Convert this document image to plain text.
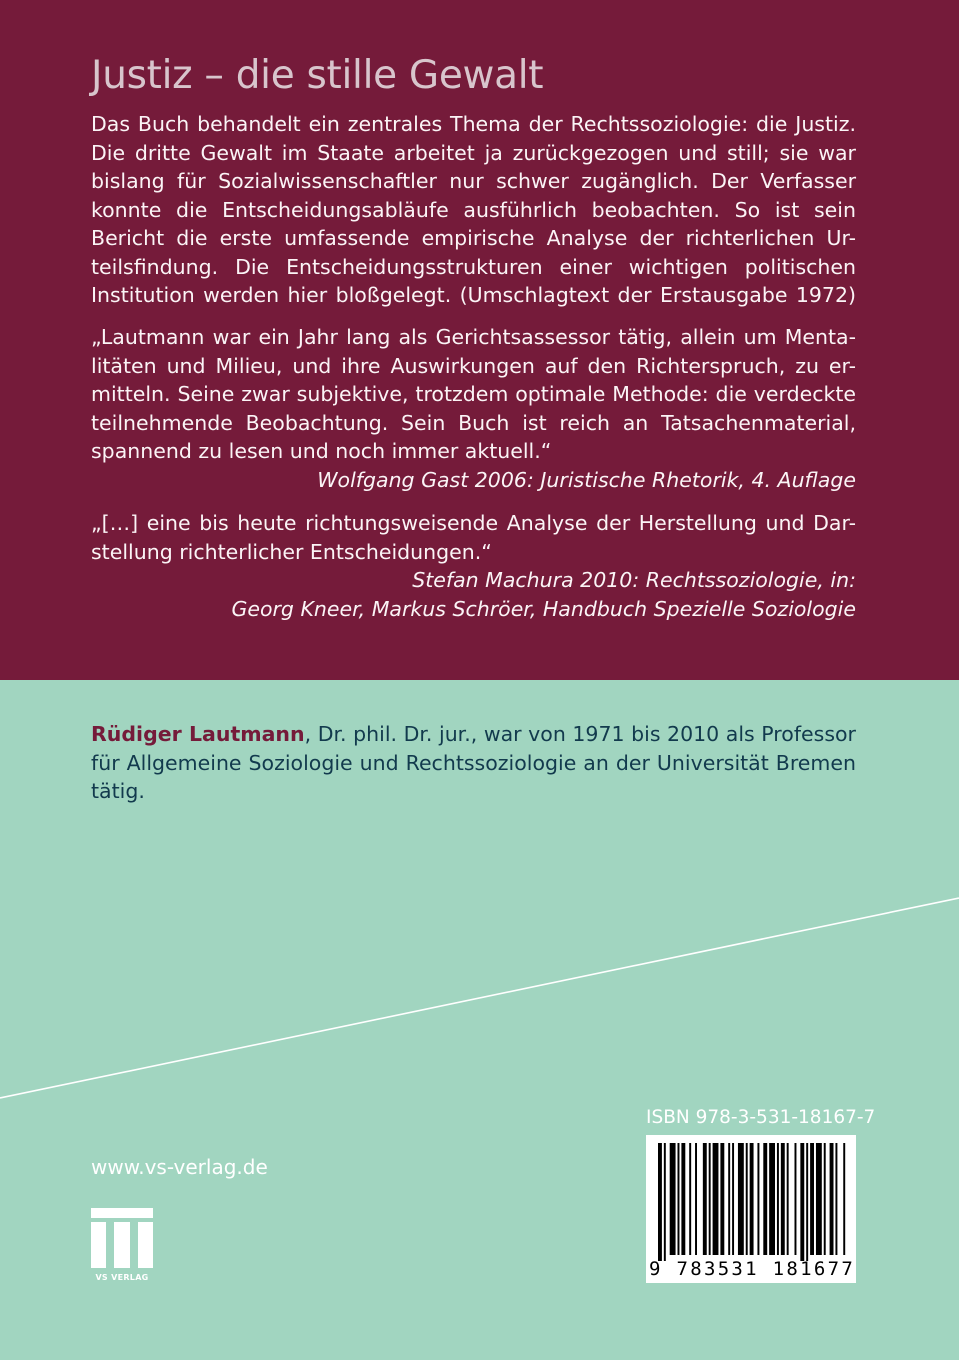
Justiz – die stille Gewalt

Das Buch behandelt ein zentrales Thema der Rechtssoziologie: die Justiz.
Die dritte Gewalt im Staate arbeitet ja zurückgezogen und still; sie war
bislang für Sozialwissenschaftler nur schwer zugänglich. Der Verfasser
konnte die Entscheidungsabläufe ausführlich beobachten. So ist sein
Bericht die erste umfassende empirische Analyse der richterlichen Ur-
teilsfindung. Die Entscheidungsstrukturen einer wichtigen politischen
Institution werden hier bloßgelegt. (Umschlagtext der Erstausgabe 1972)

„Lautmann war ein Jahr lang als Gerichtsassessor tätig, allein um Menta-
litäten und Milieu, und ihre Auswirkungen auf den Richterspruch, zu er-
mitteln. Seine zwar subjektive, trotzdem optimale Methode: die verdeckte
teilnehmende Beobachtung. Sein Buch ist reich an Tatsachenmaterial,
spannend zu lesen und noch immer aktuell.“
Wolfgang Gast 2006: Juristische Rhetorik, 4. Auflage

„[…] eine bis heute richtungsweisende Analyse der Herstellung und Dar-
stellung richterlicher Entscheidungen.“
Stefan Machura 2010: Rechtssoziologie, in:
Georg Kneer, Markus Schröer, Handbuch Spezielle Soziologie

Rüdiger Lautmann, Dr. phil. Dr. jur., war von 1971 bis 2010 als Professor
für Allgemeine Soziologie und Rechtssoziologie an der Universität Bremen
tätig.

www.vs-verlag.de

VS VERLAG

ISBN 978-3-531-18167-7

9 783531 181677
